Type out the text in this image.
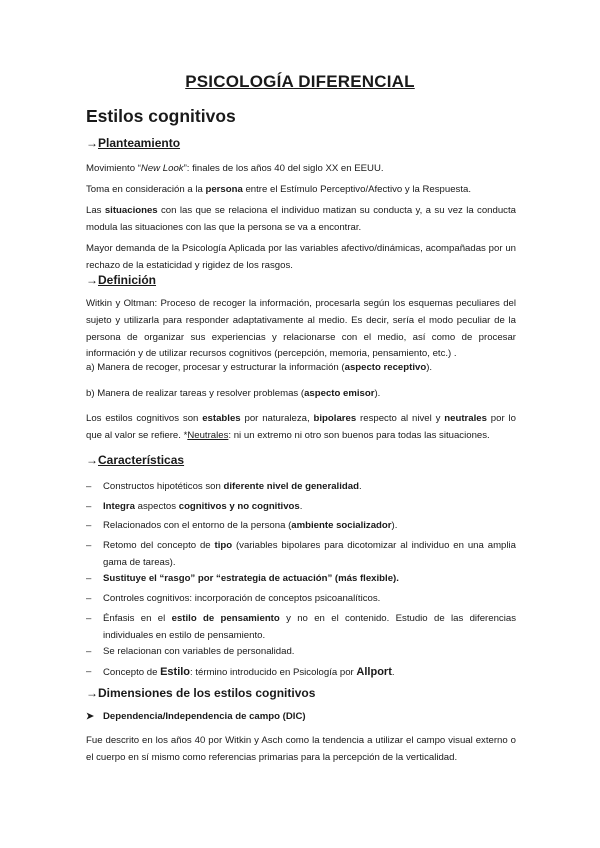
PSICOLOGÍA DIFERENCIAL
Estilos cognitivos
→Planteamiento

Movimiento “New Look”: finales de los años 40 del siglo XX en EEUU.

Toma en consideración a la persona entre el Estímulo Perceptivo/Afectivo y la Respuesta.

Las situaciones con las que se relaciona el individuo matizan su conducta y, a su vez la conducta modula las situaciones con las que la persona se va a encontrar.

Mayor demanda de la Psicología Aplicada por las variables afectivo/dinámicas, acompañadas por un rechazo de la estaticidad y rigidez de los rasgos.

→Definición

Witkin y Oltman: Proceso de recoger la información, procesarla según los esquemas peculiares del sujeto y utilizarla para responder adaptativamente al medio. Es decir, sería el modo peculiar de la persona de organizar sus experiencias y relacionarse con el medio, así como de procesar información y de utilizar recursos cognitivos (percepción, memoria, pensamiento, etc.) .

a) Manera de recoger, procesar y estructurar la información (aspecto receptivo).

b) Manera de realizar tareas y resolver problemas (aspecto emisor).

Los estilos cognitivos son estables por naturaleza, bipolares respecto al nivel y neutrales por lo que al valor se refiere. *Neutrales: ni un extremo ni otro son buenos para todas las situaciones.

→Características
– Constructos hipotéticos son diferente nivel de generalidad.
– Integra aspectos cognitivos y no cognitivos.
– Relacionados con el entorno de la persona (ambiente socializador).
– Retomo del concepto de tipo (variables bipolares para dicotomizar al individuo en una amplia gama de tareas).
– Sustituye el “rasgo” por “estrategia de actuación” (más flexible).
– Controles cognitivos: incorporación de conceptos psicoanalíticos.
– Énfasis en el estilo de pensamiento y no en el contenido. Estudio de las diferencias individuales en estilo de pensamiento.
– Se relacionan con variables de personalidad.
– Concepto de Estilo: término introducido en Psicología por Allport.
→Dimensiones de los estilos cognitivos
➤ Dependencia/Independencia de campo (DIC)

Fue descrito en los años 40 por Witkin y Asch como la tendencia a utilizar el campo visual externo o el cuerpo en sí mismo como referencias primarias para la percepción de la verticalidad.
